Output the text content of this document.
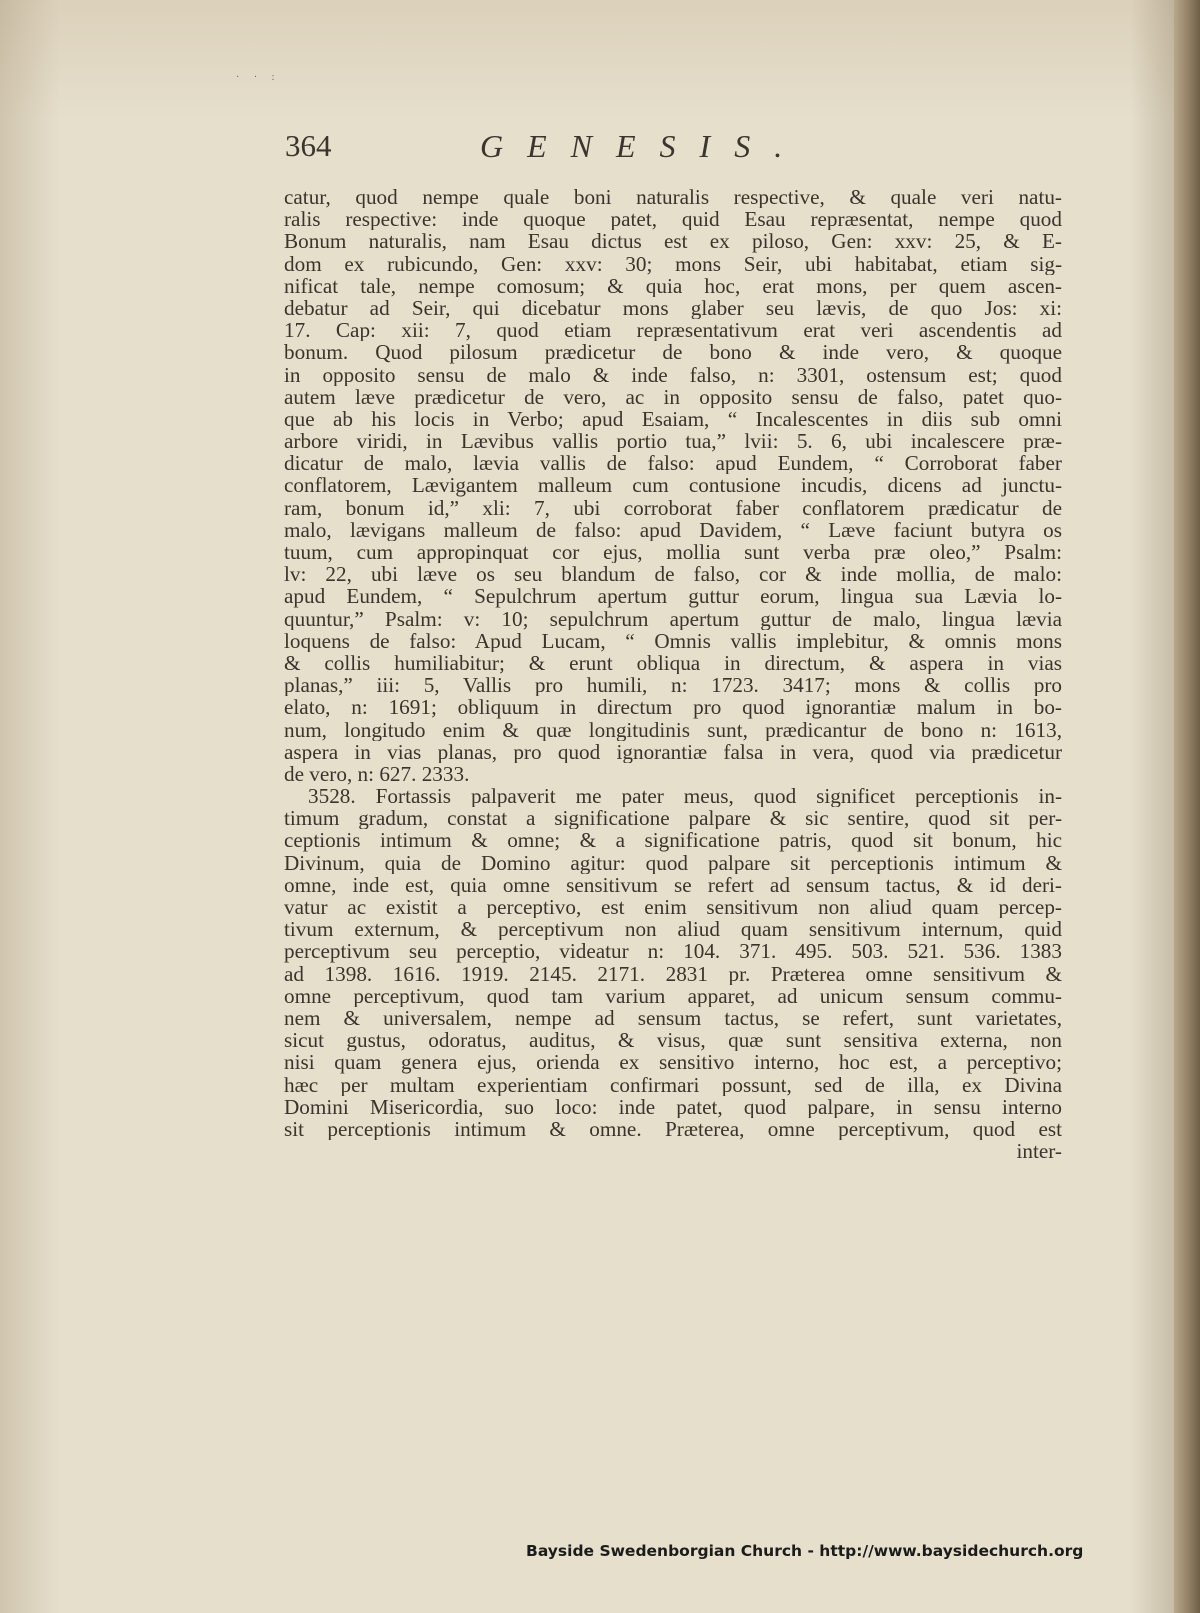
· · :
364	GENESIS.
catur, quod nempe quale boni naturalis respective, & quale veri natu-
ralis respective: inde quoque patet, quid Esau repræsentat, nempe quod
Bonum naturalis, nam Esau dictus est ex piloso, Gen: xxv: 25, & E-
dom ex rubicundo, Gen: xxv: 30; mons Seir, ubi habitabat, etiam sig-
nificat tale, nempe comosum; & quia hoc, erat mons, per quem ascen-
debatur ad Seir, qui dicebatur mons glaber seu lævis, de quo Jos: xi:
17. Cap: xii: 7, quod etiam repræsentativum erat veri ascendentis ad
bonum. Quod pilosum prædicetur de bono & inde vero, & quoque
in opposito sensu de malo & inde falso, n: 3301, ostensum est; quod
autem læve prædicetur de vero, ac in opposito sensu de falso, patet quo-
que ab his locis in Verbo; apud Esaiam, “ Incalescentes in diis sub omni
arbore viridi, in Lævibus vallis portio tua,” lvii: 5. 6, ubi incalescere præ-
dicatur de malo, lævia vallis de falso: apud Eundem, “ Corroborat faber
conflatorem, Lævigantem malleum cum contusione incudis, dicens ad junctu-
ram, bonum id,” xli: 7, ubi corroborat faber conflatorem prædicatur de
malo, lævigans malleum de falso: apud Davidem, “ Læve faciunt butyra os
tuum, cum appropinquat cor ejus, mollia sunt verba præ oleo,” Psalm:
lv: 22, ubi læve os seu blandum de falso, cor & inde mollia, de malo:
apud Eundem, “ Sepulchrum apertum guttur eorum, lingua sua Lævia lo-
quuntur,” Psalm: v: 10; sepulchrum apertum guttur de malo, lingua lævia
loquens de falso: Apud Lucam, “ Omnis vallis implebitur, & omnis mons
& collis humiliabitur; & erunt obliqua in directum, & aspera in vias
planas,” iii: 5, Vallis pro humili, n: 1723. 3417; mons & collis pro
elato, n: 1691; obliquum in directum pro quod ignorantiæ malum in bo-
num, longitudo enim & quæ longitudinis sunt, prædicantur de bono n: 1613,
aspera in vias planas, pro quod ignorantiæ falsa in vera, quod via prædicetur
de vero, n: 627. 2333.
3528. Fortassis palpaverit me pater meus, quod significet perceptionis in-
timum gradum, constat a significatione palpare & sic sentire, quod sit per-
ceptionis intimum & omne; & a significatione patris, quod sit bonum, hic
Divinum, quia de Domino agitur: quod palpare sit perceptionis intimum &
omne, inde est, quia omne sensitivum se refert ad sensum tactus, & id deri-
vatur ac existit a perceptivo, est enim sensitivum non aliud quam percep-
tivum externum, & perceptivum non aliud quam sensitivum internum, quid
perceptivum seu perceptio, videatur n: 104. 371. 495. 503. 521. 536. 1383
ad 1398. 1616. 1919. 2145. 2171. 2831 pr. Præterea omne sensitivum &
omne perceptivum, quod tam varium apparet, ad unicum sensum commu-
nem & universalem, nempe ad sensum tactus, se refert, sunt varietates,
sicut gustus, odoratus, auditus, & visus, quæ sunt sensitiva externa, non
nisi quam genera ejus, orienda ex sensitivo interno, hoc est, a perceptivo;
hæc per multam experientiam confirmari possunt, sed de illa, ex Divina
Domini Misericordia, suo loco: inde patet, quod palpare, in sensu interno
sit perceptionis intimum & omne. Præterea, omne perceptivum, quod est
inter-
Bayside Swedenborgian Church - http://www.baysidechurch.org
